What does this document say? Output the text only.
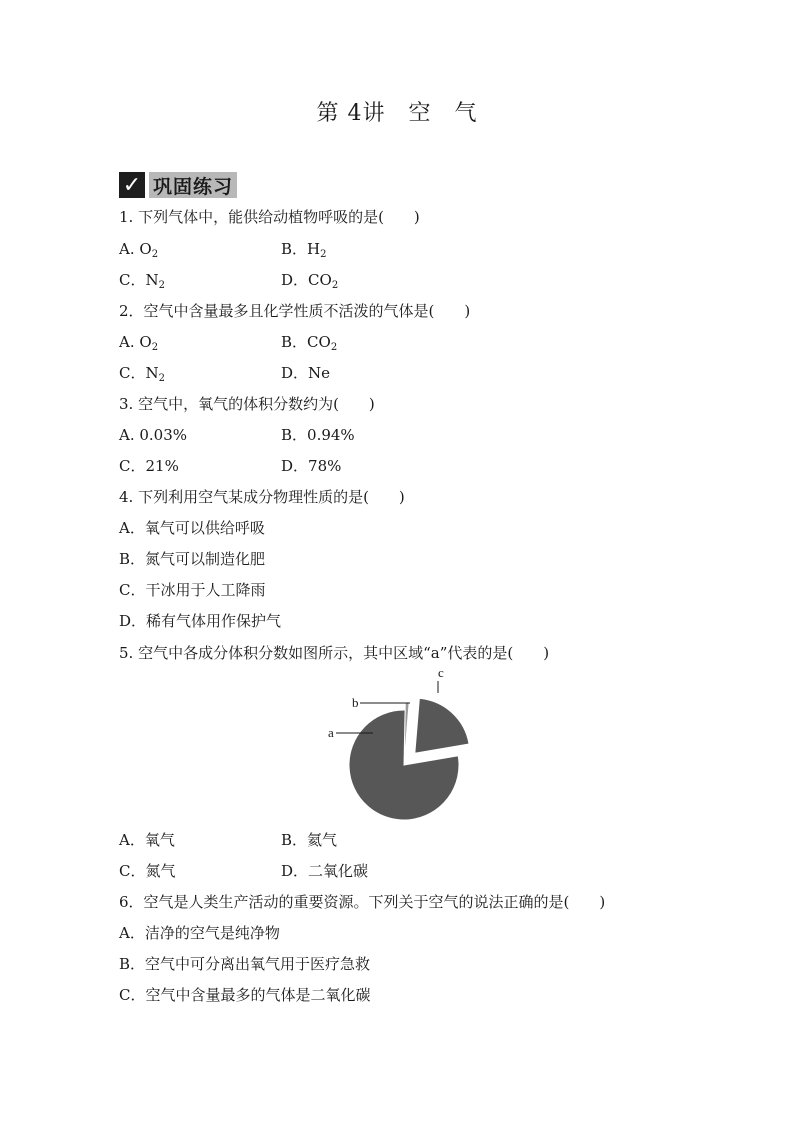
第 4讲　空　气
✓ 巩固练习
1. 下列气体中，能供给动植物呼吸的是(　　)
A. $O_2$	B．$H_2$
C．$N_2$	D．$CO_2$
2．空气中含量最多且化学性质不活泼的气体是(　　)
A. $O_2$	B．$CO_2$
C．$N_2$	D．Ne
3. 空气中，氧气的体积分数约为(　　)
A. 0.03%	B．0.94%
C．21%	D．78%
4. 下列利用空气某成分物理性质的是(　　)
A．氧气可以供给呼吸
B．氮气可以制造化肥
C．干冰用于人工降雨
D．稀有气体用作保护气
5. 空气中各成分体积分数如图所示，其中区域“a”代表的是(　　)
a
b
c
A．氧气	B．氦气
C．氮气	D．二氧化碳
6．空气是人类生产活动的重要资源。下列关于空气的说法正确的是(　　)
A．洁净的空气是纯净物
B．空气中可分离出氧气用于医疗急救
C．空气中含量最多的气体是二氧化碳
